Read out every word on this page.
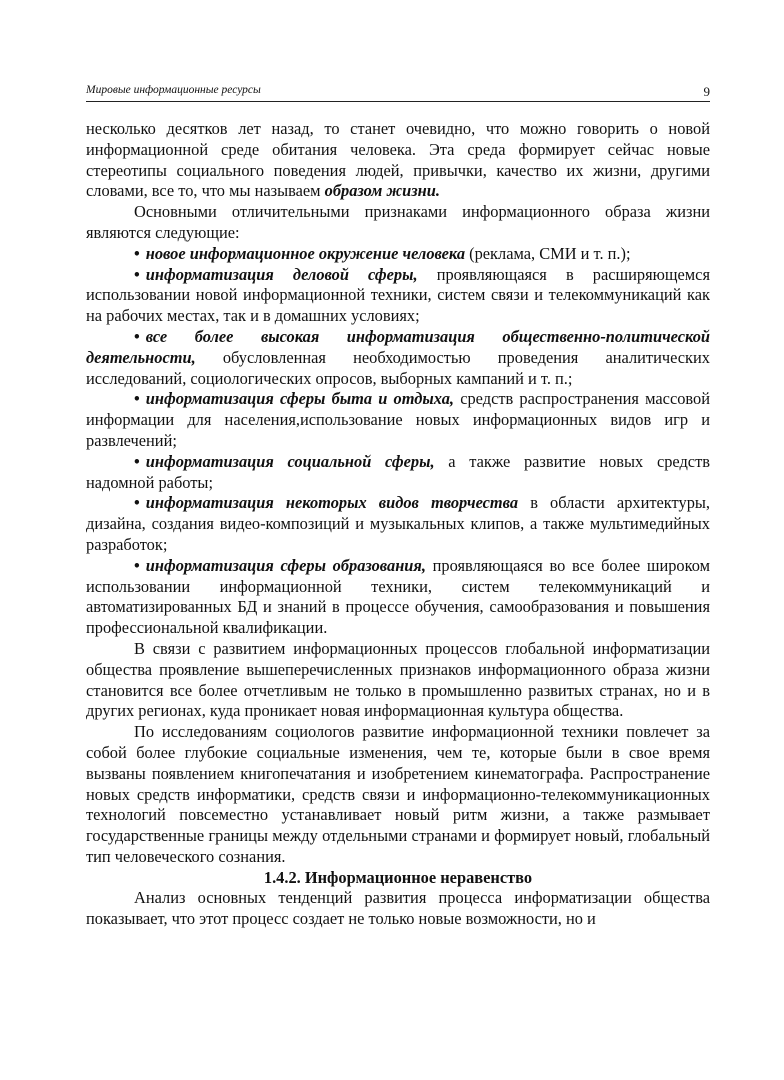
Мировые информационные ресурсы	9

несколько десятков лет назад, то станет очевидно, что можно говорить о новой информационной среде обитания человека. Эта среда формирует сейчас новые стереотипы социального поведения людей, привычки, качество их жизни, другими словами, все то, что мы называем образом жизни.

Основными отличительными признаками информационного образа жизни являются следующие:

• новое информационное окружение человека (реклама, СМИ и т. п.);

• информатизация деловой сферы, проявляющаяся в расширяющемся использовании новой информационной техники, систем связи и телекоммуникаций как на рабочих местах, так и в домашних условиях;

• все более высокая информатизация общественно-политической деятельности, обусловленная необходимостью проведения аналитических исследований, социологических опросов, выборных кампаний и т. п.;

• информатизация сферы быта и отдыха, средств распространения массовой информации для населения,использование новых информационных видов игр и развлечений;

• информатизация социальной сферы, а также развитие новых средств надомной работы;

• информатизация некоторых видов творчества в области архитектуры, дизайна, создания видео-композиций и музыкальных клипов, а также мультимедийных разработок;

• информатизация сферы образования, проявляющаяся во все более широком использовании информационной техники, систем телекоммуникаций и автоматизированных БД и знаний в процессе обучения, самообразования и повышения профессиональной квалификации.

В связи с развитием информационных процессов глобальной информатизации общества проявление вышеперечисленных признаков информационного образа жизни становится все более отчетливым не только в промышленно развитых странах, но и в других регионах, куда проникает новая информационная культура общества.

По исследованиям социологов развитие информационной техники повлечет за собой более глубокие социальные изменения, чем те, которые были в свое время вызваны появлением книгопечатания и изобретением кинематографа. Распространение новых средств информатики, средств связи и информационно-телекоммуникационных технологий повсеместно устанавливает новый ритм жизни, а также размывает государственные границы между отдельными странами и формирует новый, глобальный тип человеческого сознания.

1.4.2. Информационное неравенство

Анализ основных тенденций развития процесса информатизации общества показывает, что этот процесс создает не только новые возможности, но и
